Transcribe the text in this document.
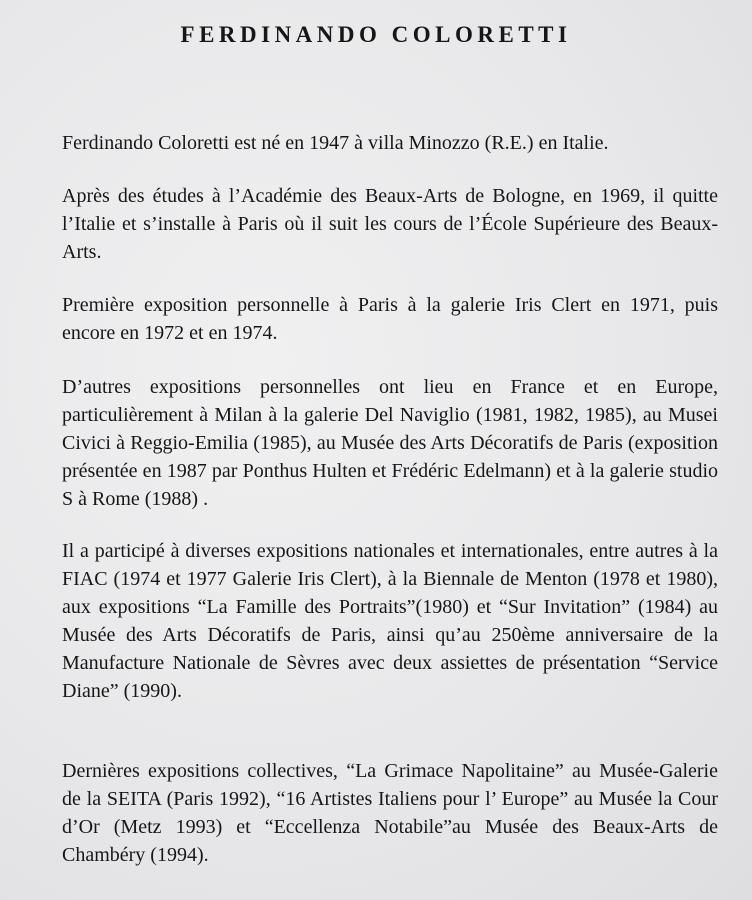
FERDINANDO COLORETTI

Ferdinando Coloretti est né en 1947 à villa Minozzo (R.E.) en Italie.

Après des études à l’Académie des Beaux-Arts de Bologne, en 1969, il quitte l’Italie et s’installe à Paris où il suit les cours de l’École Supérieure des Beaux-Arts.

Première exposition personnelle à Paris à la galerie Iris Clert en 1971, puis encore en 1972 et en 1974.

D’autres expositions personnelles ont lieu en France et en Europe, particulièrement à Milan à la galerie Del Naviglio (1981, 1982, 1985), au Musei Civici à Reggio-Emilia (1985), au Musée des Arts Décoratifs de Paris (exposition présentée en 1987 par Ponthus Hulten et Frédéric Edelmann) et à la galerie studio S à Rome (1988) .

Il a participé à diverses expositions nationales et internationales, entre autres à la FIAC (1974 et 1977 Galerie Iris Clert), à la Biennale de Menton (1978 et 1980), aux expositions “La Famille des Portraits”(1980) et “Sur Invitation” (1984) au Musée des Arts Décoratifs de Paris, ainsi qu’au 250ème anniversaire de la Manufacture Nationale de Sèvres avec deux assiettes de présentation “Service Diane” (1990).

Dernières expositions collectives, “La Grimace Napolitaine” au Musée-Galerie de la SEITA (Paris 1992), “16 Artistes Italiens pour l’ Europe” au Musée la Cour d’Or (Metz 1993) et “Eccellenza Notabile”au Musée des Beaux-Arts de Chambéry (1994).
